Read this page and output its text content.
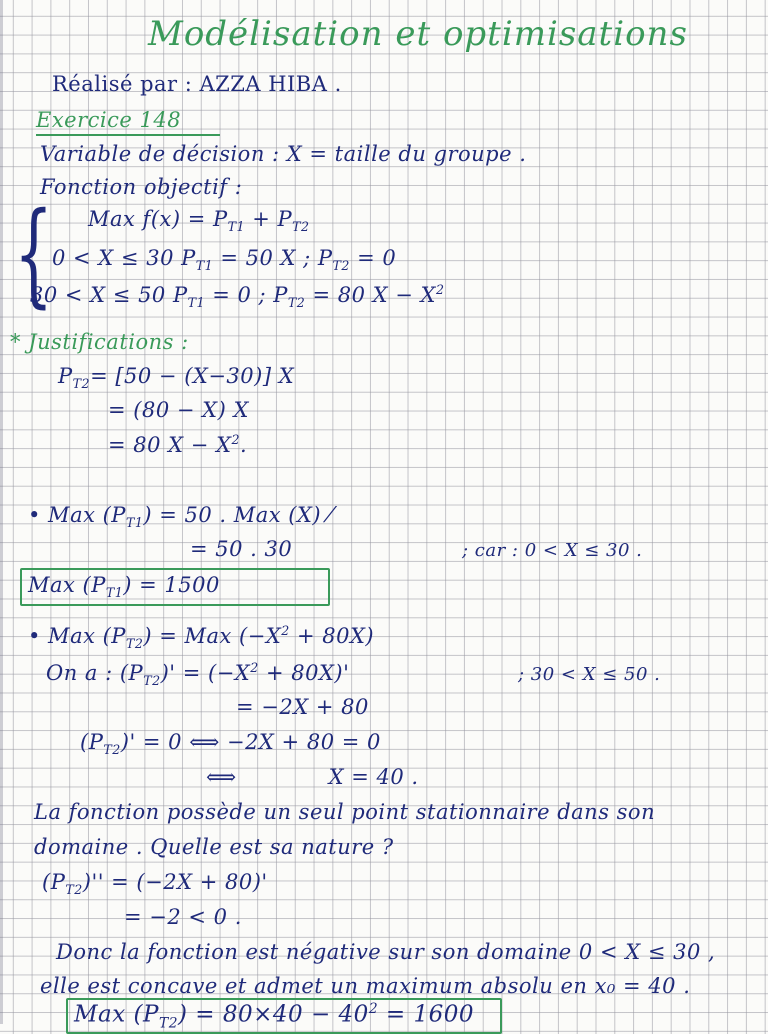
Modélisation et optimisations
Réalisé par : AZZA HIBA .
Exercice 148
Variable de décision : X = taille du groupe .
Fonction objectif :
{ Max $f(x) = P_{T1} + P_{T2}$
0 < X ≤ 30 $P_{T1} = 50$ X ; $P_{T2} = 0$
30 < X ≤ 50 $P_{T1} = 0$ ; $P_{T2} = 80$ $X - X^2$
* Justifications :
$P_{T2}= [50 - (X-30)]$ X
= (80 − X) X
= 80 $X - X^2$.
• Max $(P_{T1}) = 50$ . Max (X) ⁄
= 50 . 30	; car : 0 < X ≤ 30 .
Max $(P_{T1}) = 1500$
• Max $(P_{T2})$ = Max $(-X^2 + 80X)$
On a : $(P_{T2})' = (-X^2 + 80X)'$	; 30 < X ≤ 50 .
= −2X + 80
$(P_{T2})' = 0$ ⟺ −2X + 80 = 0
⟺	X = 40 .
La fonction possède un seul point stationnaire dans son
domaine . Quelle est sa nature ?
$(P_{T2})'' = (-2X + 80)'$
= −2 < 0 .
Donc la fonction est négative sur son domaine 0 < X ≤ 30 ,
elle est concave et admet un maximum absolu en x₀ = 40 .
Max $(P_{T2}) = 80\times 40 - 40^2 = 1600$
